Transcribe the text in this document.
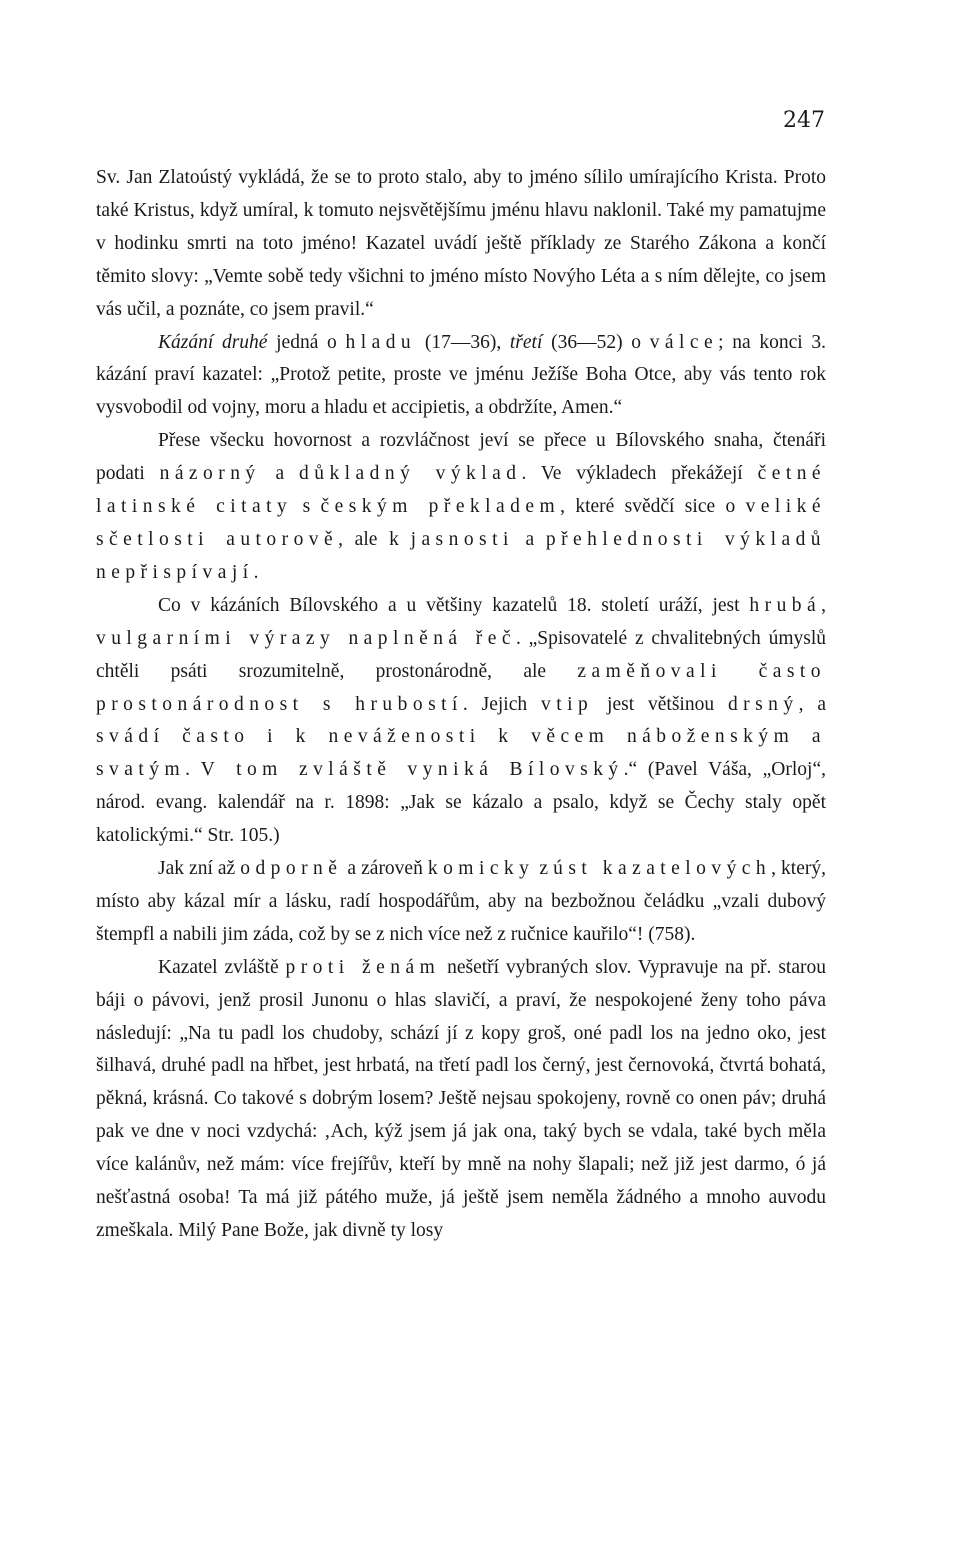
247

Sv. Jan Zlatoústý vykládá, že se to proto stalo, aby to jméno sílilo umírajícího Krista. Proto také Kristus, když umíral, k tomuto nejsvětějšímu jménu hlavu naklonil. Také my pamatujme v hodinku smrti na toto jméno! Kazatel uvádí ještě příklady ze Starého Zákona a končí těmito slovy: „Vemte sobě tedy všichni to jméno místo Novýho Léta a s ním dělejte, co jsem vás učil, a poznáte, co jsem pravil.“

Kázání druhé jedná o hladu (17—36), třetí (36—52) o válce; na konci 3. kázání praví kazatel: „Protož petite, proste ve jménu Ježíše Boha Otce, aby vás tento rok vysvobodil od vojny, moru a hladu et accipietis, a obdržíte, Amen.“

Přese všecku hovornost a rozvláčnost jeví se přece u Bílovského snaha, čtenáři podati názorný a důkladný výklad. Ve výkladech překážejí četné latinské citaty s českým překladem, které svědčí sice o veliké sčetlosti autorově, ale k jasnosti a přehlednosti výkladů nepřispívají.

Co v kázáních Bílovského a u většiny kazatelů 18. století uráží, jest hrubá, vulgarními výrazy naplněná řeč. „Spisovatelé z chvalitebných úmyslů chtěli psáti srozumitelně, prostonárodně, ale zaměňovali často prostonárodnost s hrubostí. Jejich vtip jest většinou drsný, a svádí často i k neváženosti k věcem náboženským a svatým. V tom zvláště vyniká Bílovský.“ (Pavel Váša, „Orloj“, národ. evang. kalendář na r. 1898: „Jak se kázalo a psalo, když se Čechy staly opět katolickými.“ Str. 105.)

Jak zní až odporně a zároveň komicky z úst kazatelových, který, místo aby kázal mír a lásku, radí hospodářům, aby na bezbožnou čeládku „vzali dubový štempfl a nabili jim záda, což by se z nich více než z ručnice kauřilo“! (758).

Kazatel zvláště proti ženám nešetří vybraných slov. Vypravuje na př. starou báji o pávovi, jenž prosil Junonu o hlas slavičí, a praví, že nespokojené ženy toho páva následují: „Na tu padl los chudoby, schází jí z kopy groš, oné padl los na jedno oko, jest šilhavá, druhé padl na hřbet, jest hrbatá, na třetí padl los černý, jest černovoká, čtvrtá bohatá, pěkná, krásná. Co takové s dobrým losem? Ještě nejsau spokojeny, rovně co onen páv; druhá pak ve dne v noci vzdychá: ‚Ach, kýž jsem já jak ona, taký bych se vdala, také bych měla více kalánův, než mám: více frejířův, kteří by mně na nohy šlapali; než již jest darmo, ó já nešťastná osoba! Ta má již pátého muže, já ještě jsem neměla žádného a mnoho auvodu zmeškala. Milý Pane Bože, jak divně ty losy
